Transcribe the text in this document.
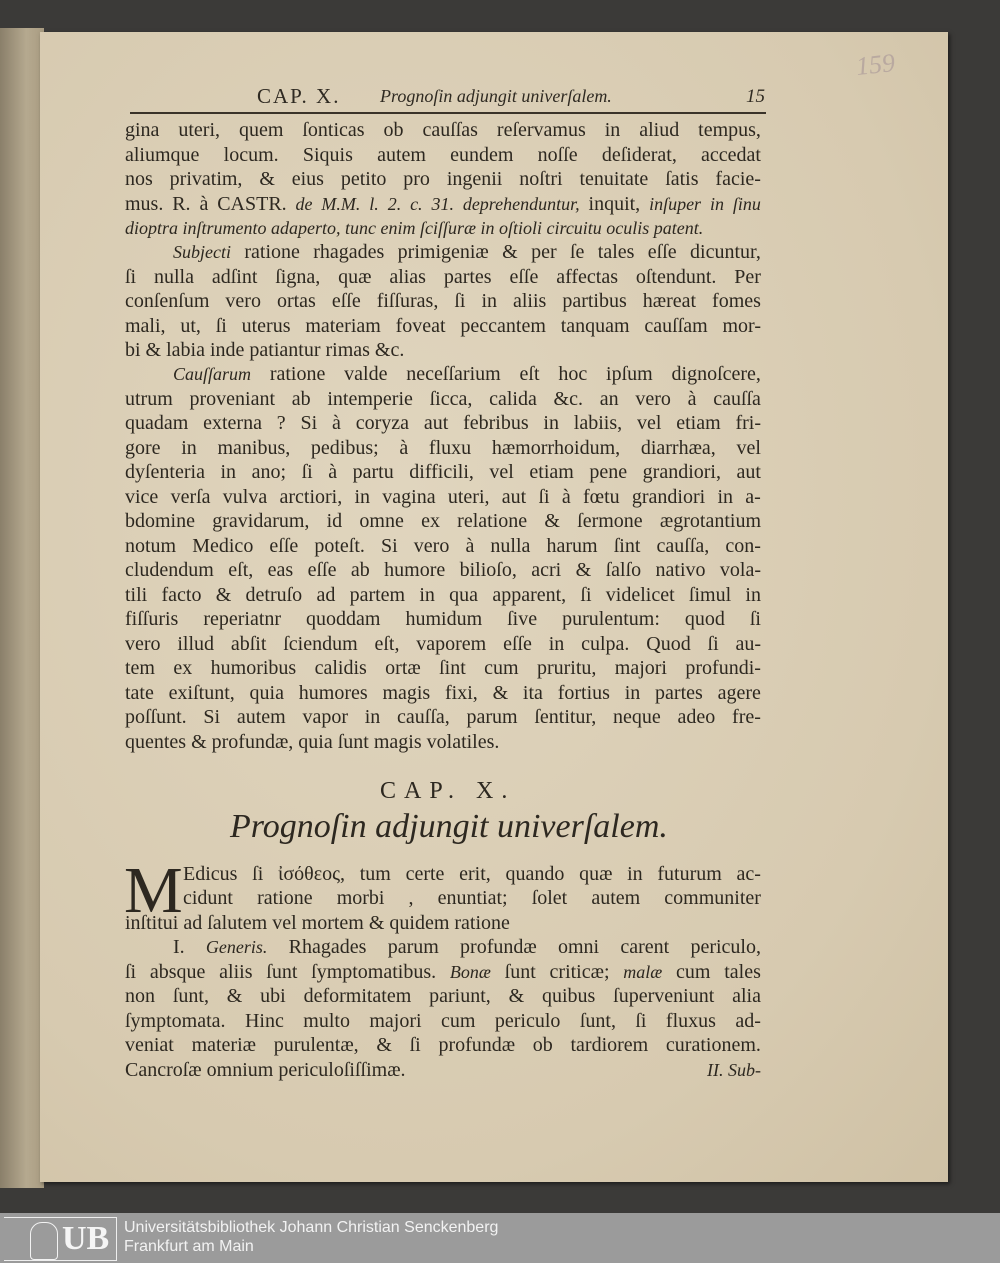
159
CAP. X. Prognoſin adjungit univerſalem.	15
gina uteri, quem ſonticas ob cauſſas reſervamus in aliud tempus,
aliumque locum. Siquis autem eundem noſſe deſiderat, accedat
nos privatim, & eius petito pro ingenii noſtri tenuitate ſatis facie-
mus. R. à CASTR. de M.M. l. 2. c. 31. deprehenduntur, inquit, inſuper in ſinu
dioptra inſtrumento adaperto, tunc enim ſciſſuræ in oſtioli circuitu oculis patent.
Subjecti ratione rhagades primigeniæ & per ſe tales eſſe dicuntur,
ſi nulla adſint ſigna, quæ alias partes eſſe affectas oſtendunt. Per
conſenſum vero ortas eſſe fiſſuras, ſi in aliis partibus hæreat fomes
mali, ut, ſi uterus materiam foveat peccantem tanquam cauſſam mor-
bi & labia inde patiantur rimas &c.
Cauſſarum ratione valde neceſſarium eſt hoc ipſum dignoſcere,
utrum proveniant ab intemperie ſicca, calida &c. an vero à cauſſa
quadam externa ? Si à coryza aut febribus in labiis, vel etiam fri-
gore in manibus, pedibus; à fluxu hæmorrhoidum, diarrhæa, vel
dyſenteria in ano; ſi à partu difficili, vel etiam pene grandiori, aut
vice verſa vulva arctiori, in vagina uteri, aut ſi à fœtu grandiori in a-
bdomine gravidarum, id omne ex relatione & ſermone ægrotantium
notum Medico eſſe poteſt. Si vero à nulla harum ſint cauſſa, con-
cludendum eſt, eas eſſe ab humore bilioſo, acri & ſalſo nativo vola-
tili facto & detruſo ad partem in qua apparent, ſi videlicet ſimul in
fiſſuris reperiatnr quoddam humidum ſive purulentum: quod ſi
vero illud abſit ſciendum eſt, vaporem eſſe in culpa. Quod ſi au-
tem ex humoribus calidis ortæ ſint cum pruritu, majori profundi-
tate exiſtunt, quia humores magis fixi, & ita fortius in partes agere
poſſunt. Si autem vapor in cauſſa, parum ſentitur, neque adeo fre-
quentes & profundæ, quia ſunt magis volatiles.
CAP. X.
Prognoſin adjungit univerſalem.
M Edicus ſi ἰσόθεος, tum certe erit, quando quæ in futurum ac-
cidunt ratione morbi , enuntiat; ſolet autem communiter
inſtitui ad ſalutem vel mortem & quidem ratione
I. Generis. Rhagades parum profundæ omni carent periculo,
ſi absque aliis ſunt ſymptomatibus. Bonæ ſunt criticæ; malæ cum tales
non ſunt, & ubi deformitatem pariunt, & quibus ſuperveniunt alia
ſymptomata. Hinc multo majori cum periculo ſunt, ſi fluxus ad-
veniat materiæ purulentæ, & ſi profundæ ob tardiorem curationem.
Cancroſæ omnium periculoſiſſimæ.	II. Sub-
UB Universitätsbibliothek Johann Christian Senckenberg
Frankfurt am Main
